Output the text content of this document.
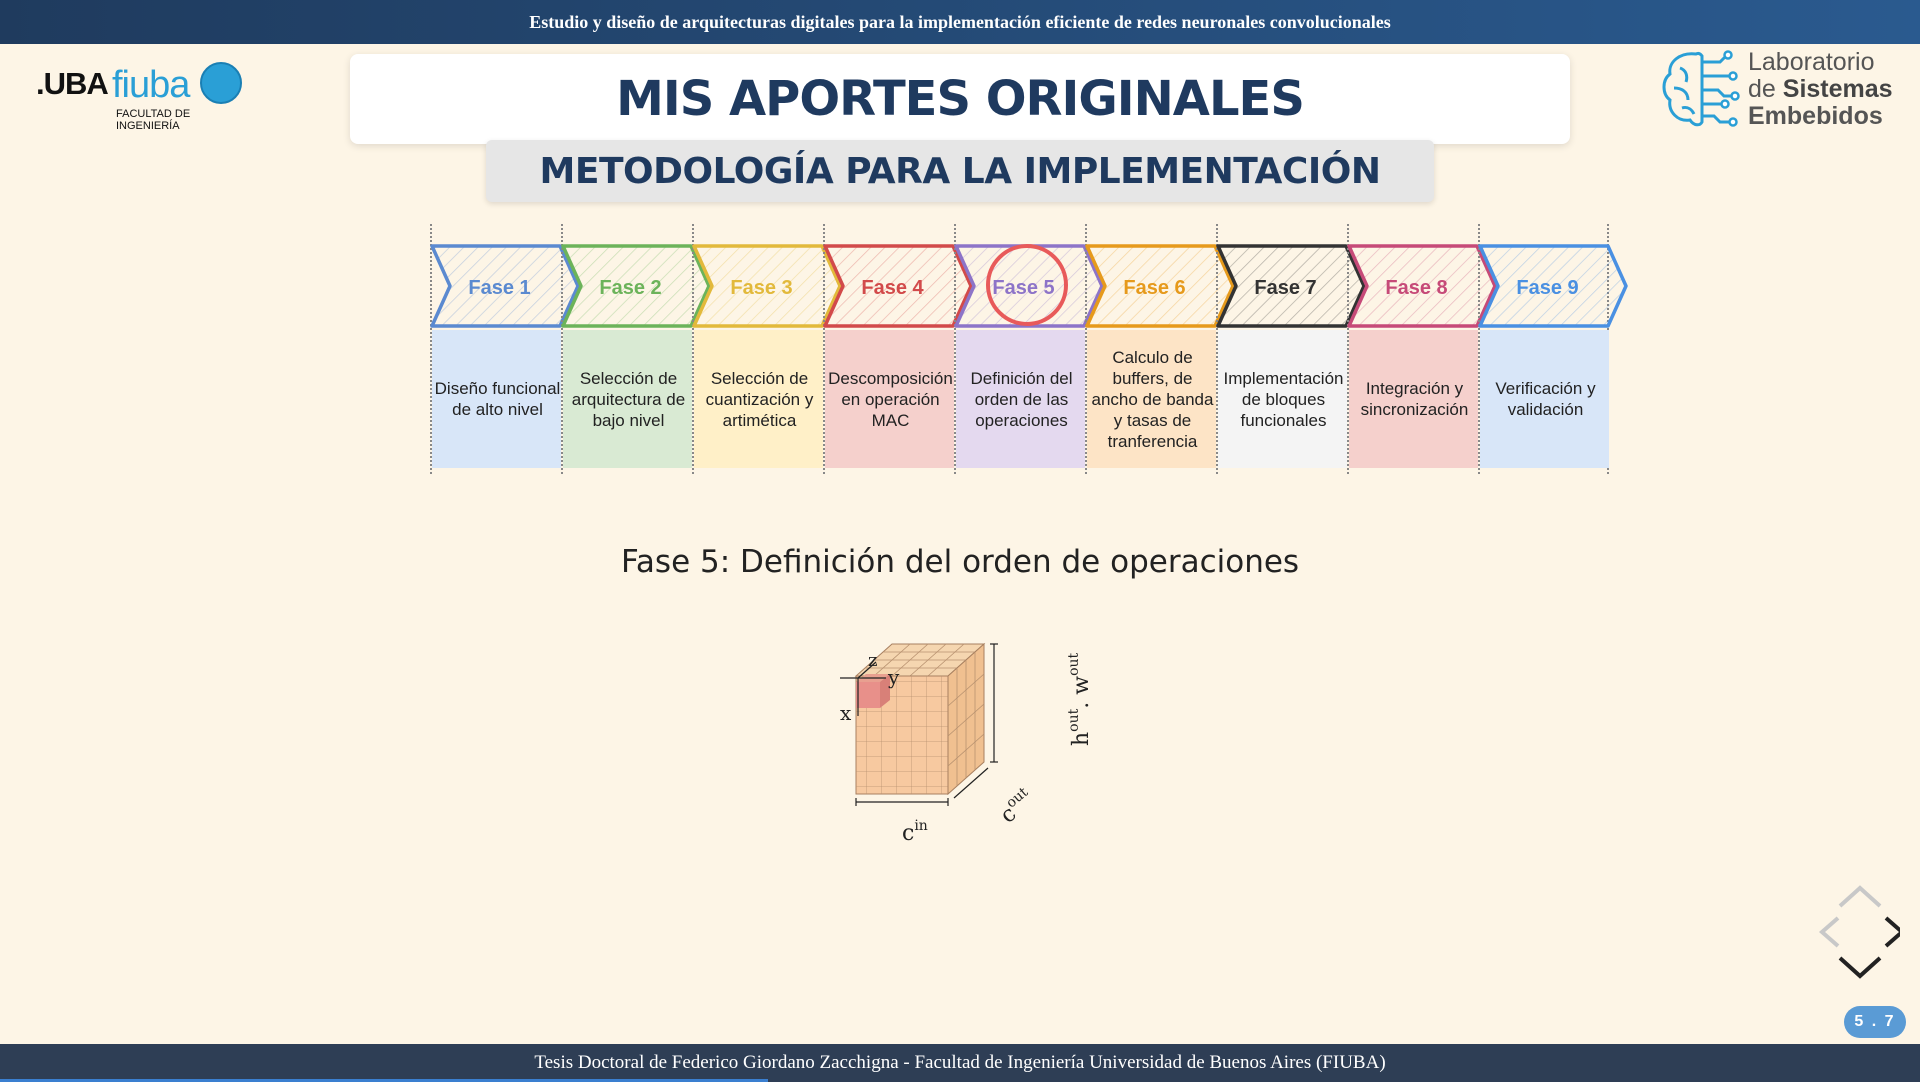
Estudio y diseño de arquitecturas digitales para la implementación eficiente de redes neuronales convolucionales
.UBA fiuba
FACULTAD DE INGENIERÍA
Laboratorio
de Sistemas
Embebidos
MIS APORTES ORIGINALES
METODOLOGÍA PARA LA IMPLEMENTACIÓN
Fase 1
Diseño funcional de alto nivel
Fase 2
Selección de arquitectura de bajo nivel
Fase 3
Selección de cuantización y artimética
Fase 4
Descomposición en operación MAC
Fase 5
Definición del orden de las operaciones
Fase 6
Calculo de buffers, de ancho de banda y tasas de tranferencia
Fase 7
Implementación de bloques funcionales
Fase 8
Integración y sincronización
Fase 9
Verificación y validación
Fase 5: Definición del orden de operaciones
z
y
x
$c^{in}$	$c^{out}$
$h^{out}$. $w^{out}$
5 . 7
Tesis Doctoral de Federico Giordano Zacchigna - Facultad de Ingeniería Universidad de Buenos Aires (FIUBA)
